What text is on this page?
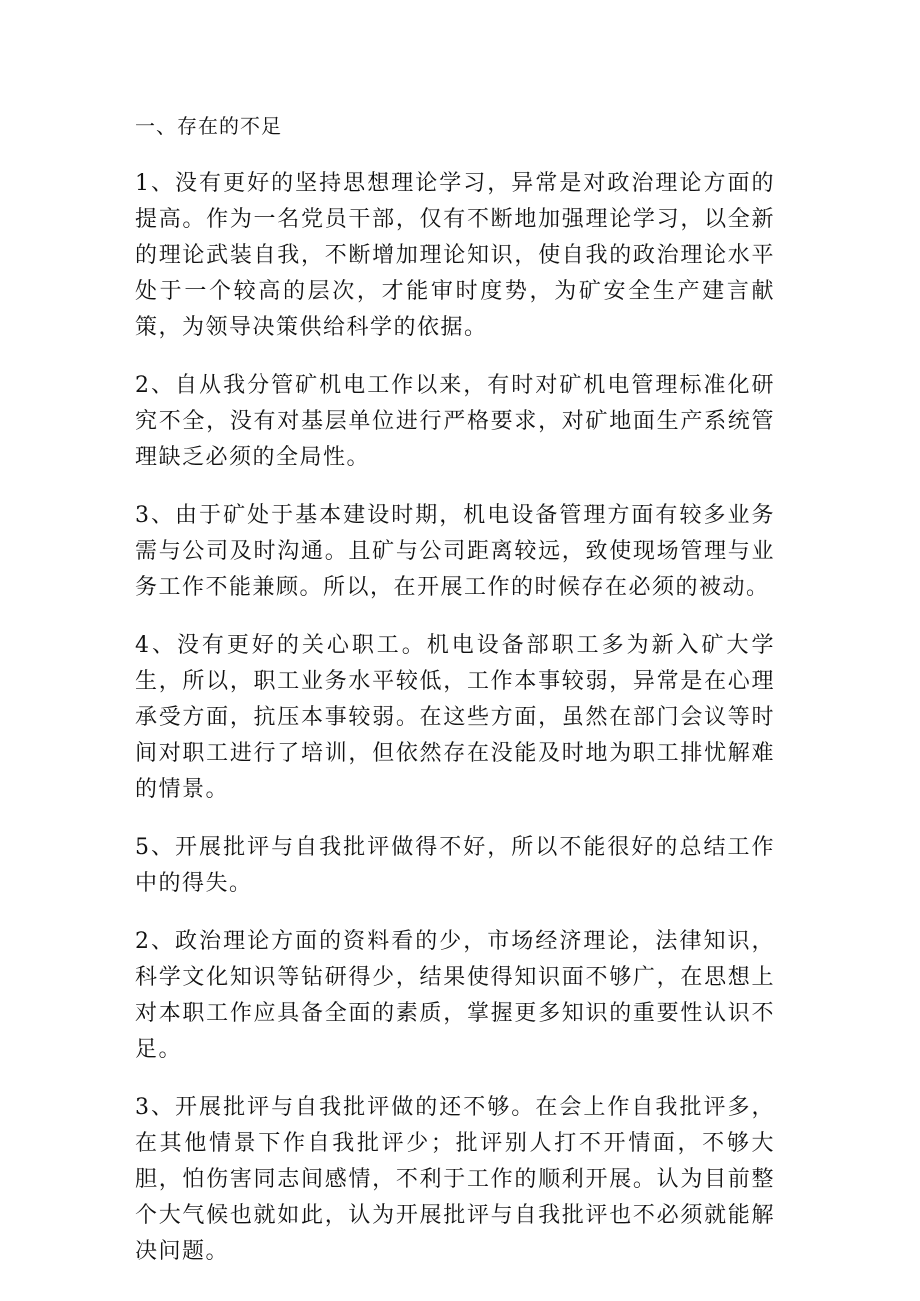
一、存在的不足

1、没有更好的坚持思想理论学习，异常是对政治理论方面的提高。作为一名党员干部，仅有不断地加强理论学习，以全新的理论武装自我，不断增加理论知识，使自我的政治理论水平处于一个较高的层次，才能审时度势，为矿安全生产建言献策，为领导决策供给科学的依据。

2、自从我分管矿机电工作以来，有时对矿机电管理标准化研究不全，没有对基层单位进行严格要求，对矿地面生产系统管理缺乏必须的全局性。

3、由于矿处于基本建设时期，机电设备管理方面有较多业务需与公司及时沟通。且矿与公司距离较远，致使现场管理与业务工作不能兼顾。所以，在开展工作的时候存在必须的被动。

4、没有更好的关心职工。机电设备部职工多为新入矿大学生，所以，职工业务水平较低，工作本事较弱，异常是在心理承受方面，抗压本事较弱。在这些方面，虽然在部门会议等时间对职工进行了培训，但依然存在没能及时地为职工排忧解难的情景。

5、开展批评与自我批评做得不好，所以不能很好的总结工作中的得失。

2、政治理论方面的资料看的少，市场经济理论，法律知识，科学文化知识等钻研得少，结果使得知识面不够广，在思想上对本职工作应具备全面的素质，掌握更多知识的重要性认识不足。

3、开展批评与自我批评做的还不够。在会上作自我批评多，在其他情景下作自我批评少；批评别人打不开情面，不够大胆，怕伤害同志间感情，不利于工作的顺利开展。认为目前整个大气候也就如此，认为开展批评与自我批评也不必须就能解决问题。
